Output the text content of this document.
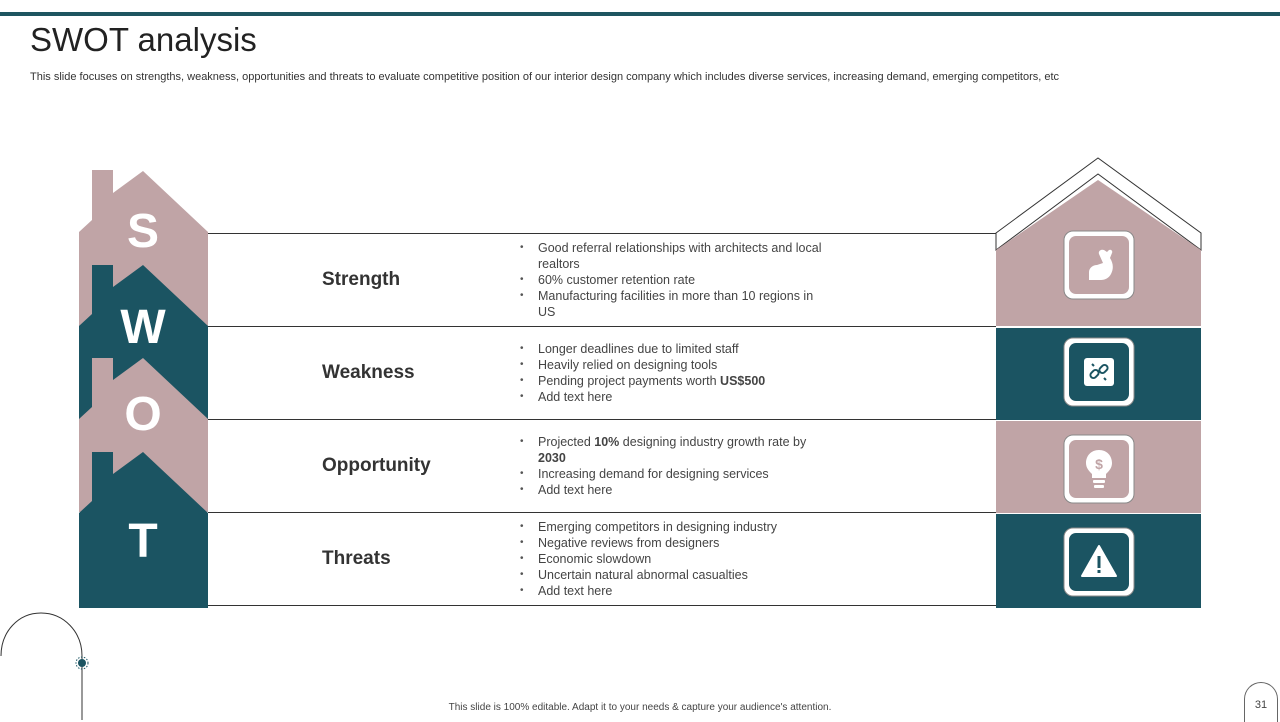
SWOT analysis
This slide focuses on strengths, weakness, opportunities and threats to evaluate competitive position of our interior design company which includes diverse services, increasing demand, emerging competitors, etc
S
W
O
T
Strength
Weakness
Opportunity
Threats
• Good referral relationships with architects and local realtors
• 60% customer retention rate
• Manufacturing facilities in more than 10 regions in US
• Longer deadlines due to limited staff
• Heavily relied on designing tools
• Pending project payments worth US$500
• Add text here
• Projected 10% designing industry growth rate by 2030
• Increasing demand for designing services
• Add text here
• Emerging competitors in designing industry
• Negative reviews from designers
• Economic slowdown
• Uncertain natural abnormal casualties
• Add text here
$
This slide is 100% editable. Adapt it to your needs & capture your audience's attention.	31
